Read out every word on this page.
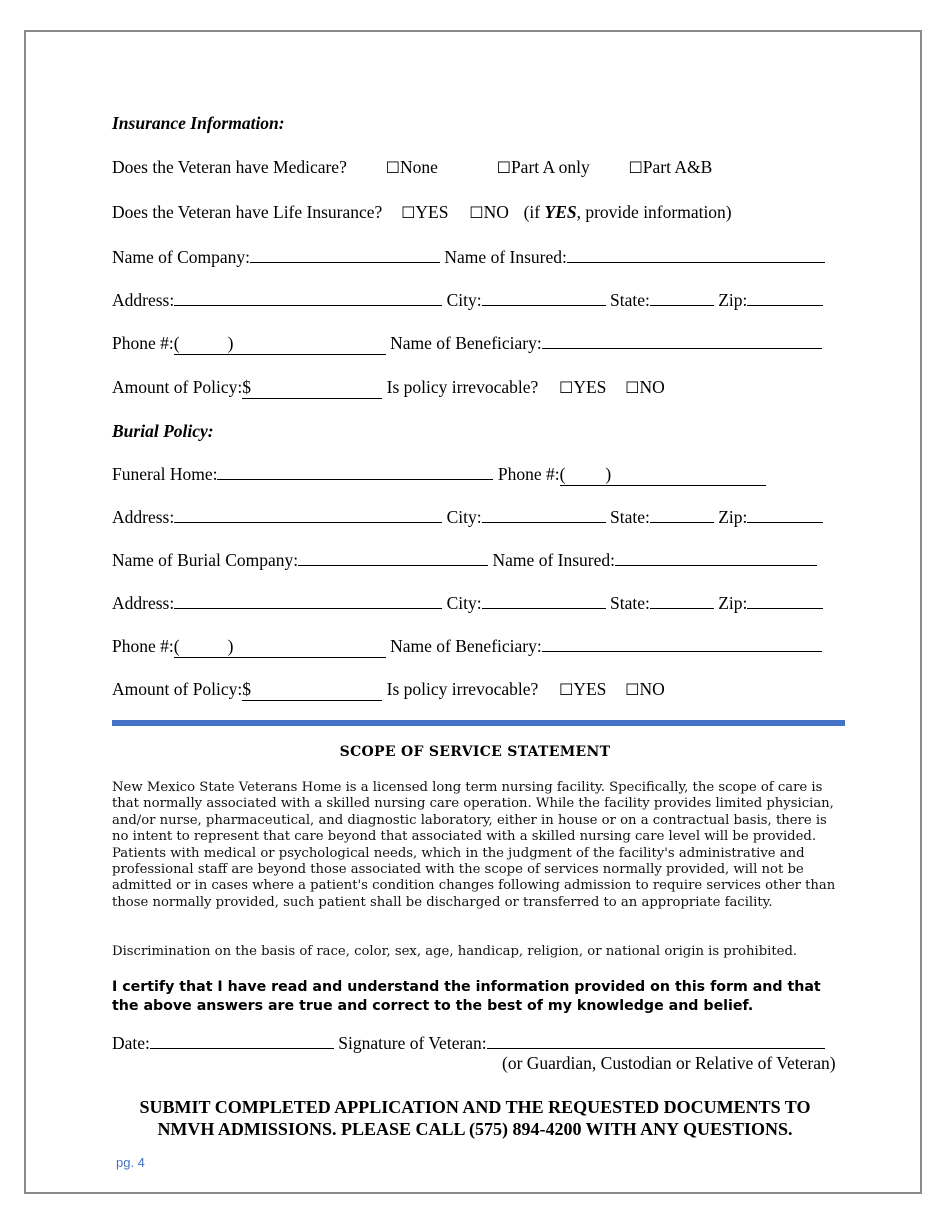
Insurance Information:
Does the Veteran have Medicare? ☐None	☐Part A only ☐Part A&B
Does the Veteran have Life Insurance? ☐YES ☐NO (if YES, provide information)
Name of Company:	Name of Insured:
Address:	City:	State:	Zip:
Phone #:(	)	Name of Beneficiary:
Amount of Policy:$	Is policy irrevocable? ☐YES ☐NO
Burial Policy:
Funeral Home:	Phone #:( )
Address:	City:	State:	Zip:
Name of Burial Company:	Name of Insured:
Address:	City:	State:	Zip:
Phone #:(	)	Name of Beneficiary:
Amount of Policy:$	Is policy irrevocable? ☐YES ☐NO
SCOPE OF SERVICE STATEMENT
New Mexico State Veterans Home is a licensed long term nursing facility. Specifically, the scope of care is that normally associated with a skilled nursing care operation. While the facility provides limited physician, and/or nurse, pharmaceutical, and diagnostic laboratory, either in house or on a contractual basis, there is no intent to represent that care beyond that associated with a skilled nursing care level will be provided. Patients with medical or psychological needs, which in the judgment of the facility's administrative and professional staff are beyond those associated with the scope of services normally provided, will not be admitted or in cases where a patient's condition changes following admission to require services other than those normally provided, such patient shall be discharged or transferred to an appropriate facility.
Discrimination on the basis of race, color, sex, age, handicap, religion, or national origin is prohibited.
I certify that I have read and understand the information provided on this form and that the above answers are true and correct to the best of my knowledge and belief.
Date:	Signature of Veteran:
(or Guardian, Custodian or Relative of Veteran)
SUBMIT COMPLETED APPLICATION AND THE REQUESTED DOCUMENTS TO
NMVH ADMISSIONS. PLEASE CALL (575) 894-4200 WITH ANY QUESTIONS.
pg. 4
